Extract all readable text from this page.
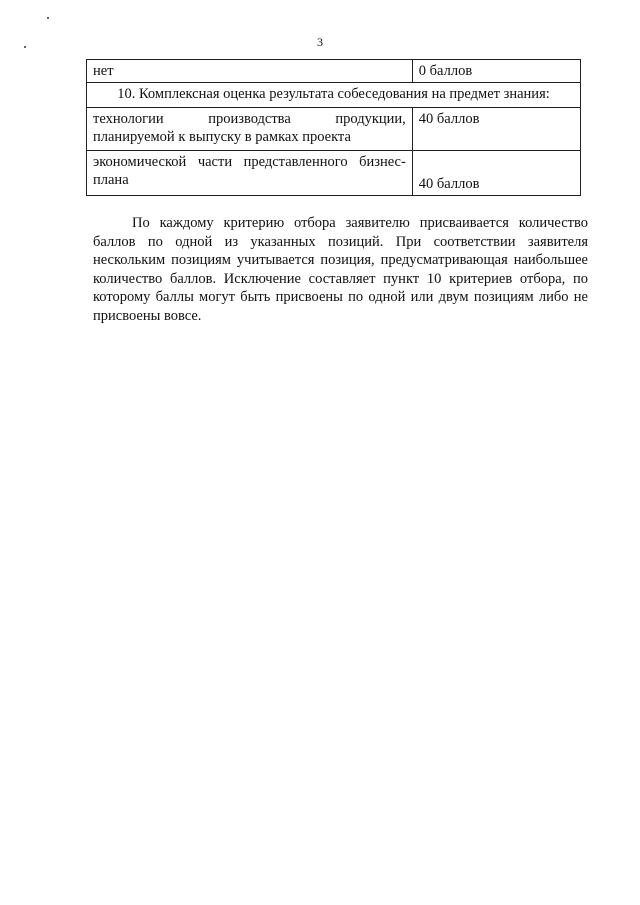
3
нет	0 баллов
10. Комплексная оценка результата собеседования на предмет знания:	
технологии производства продукции, планируемой к выпуску в рамках проекта	40 баллов
экономической части представленного бизнес-плана	40 баллов

По каждому критерию отбора заявителю присваивается количество баллов по одной из указанных позиций. При соответствии заявителя нескольким позициям учитывается позиция, предусматривающая наибольшее количество баллов. Исключение составляет пункт 10 критериев отбора, по которому баллы могут быть присвоены по одной или двум позициям либо не присвоены вовсе.
